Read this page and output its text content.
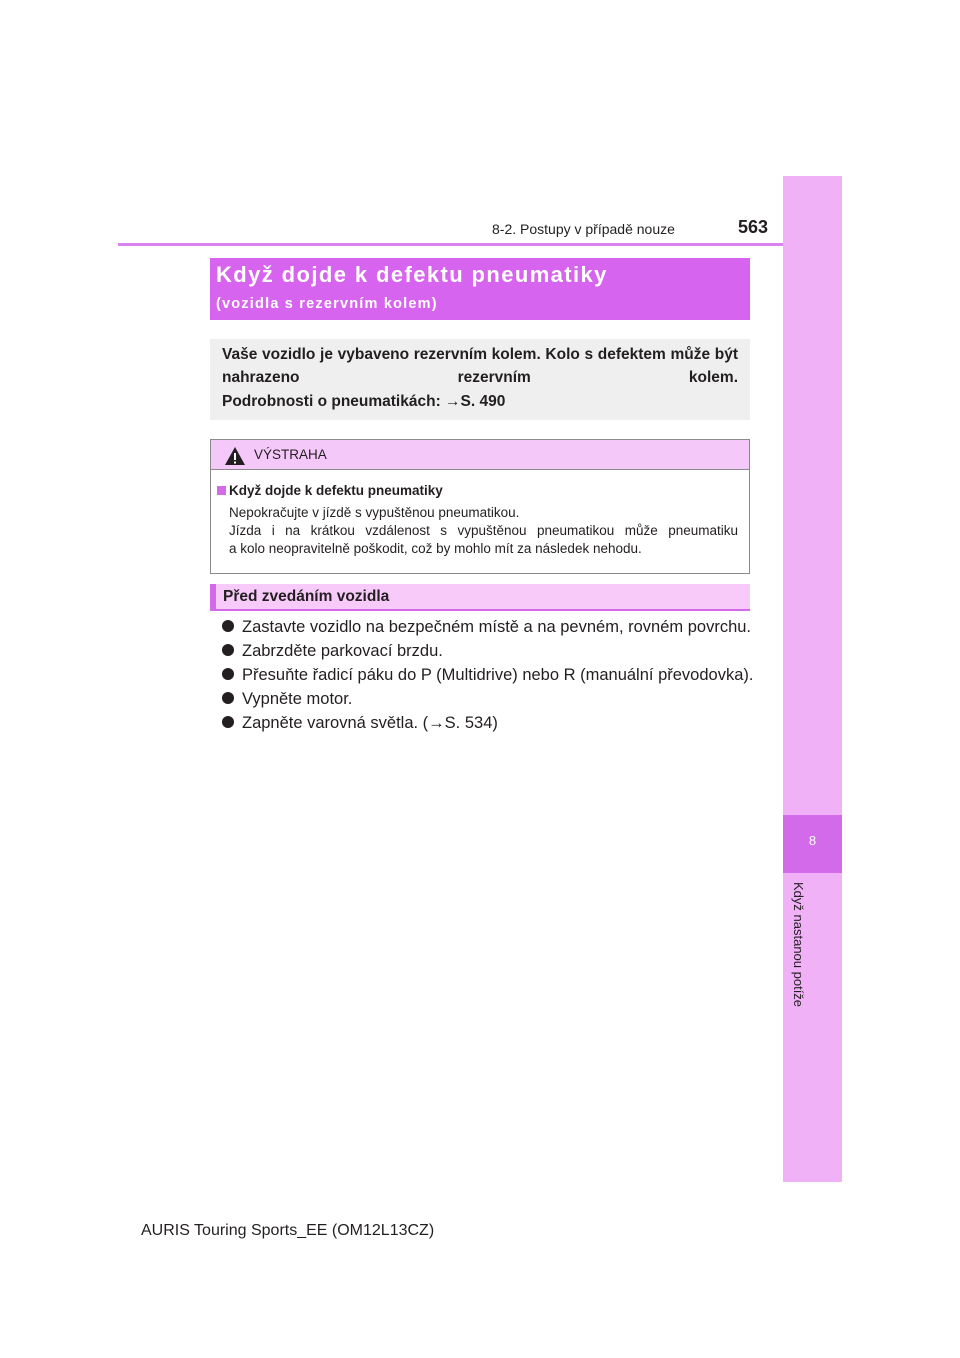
8-2. Postupy v případě nouze	563
8
Když nastanou potíže
Když dojde k defektu pneumatiky
(vozidla s rezervním kolem)
Vaše vozidlo je vybaveno rezervním kolem. Kolo s defektem může být nahrazeno rezervním kolem.
Podrobnosti o pneumatikách: →S. 490
VÝSTRAHA
Když dojde k defektu pneumatiky
Nepokračujte v jízdě s vypuštěnou pneumatikou.
Jízda i na krátkou vzdálenost s vypuštěnou pneumatikou může pneumatiku
a kolo neopravitelně poškodit, což by mohlo mít za následek nehodu.
Před zvedáním vozidla
Zastavte vozidlo na bezpečném místě a na pevném, rovném povrchu.
Zabrzděte parkovací brzdu.
Přesuňte řadicí páku do P (Multidrive) nebo R (manuální převodovka).
Vypněte motor.
Zapněte varovná světla. (→S. 534)
AURIS Touring Sports_EE (OM12L13CZ)
